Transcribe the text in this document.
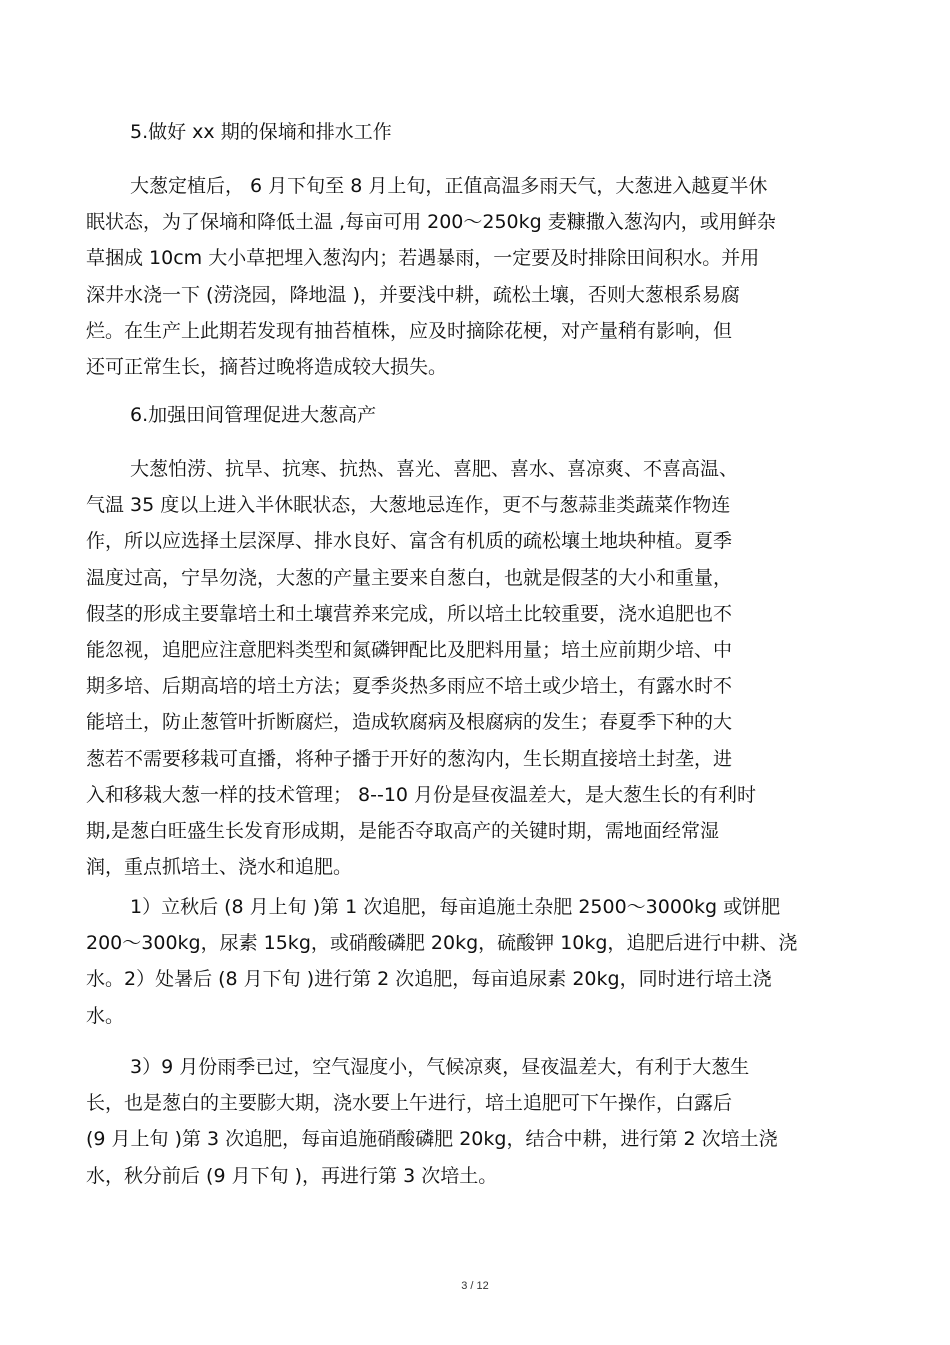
5.做好 xx 期的保墒和排水工作
大葱定植后， 6 月下旬至 8 月上旬，正值高温多雨天气，大葱进入越夏半休
眠状态，为了保墒和降低土温 ,每亩可用 200～250kg 麦糠撒入葱沟内，或用鲜杂
草捆成 10cm 大小草把埋入葱沟内；若遇暴雨，一定要及时排除田间积水。并用
深井水浇一下 (涝浇园，降地温 )，并要浅中耕，疏松土壤，否则大葱根系易腐
烂。在生产上此期若发现有抽苔植株，应及时摘除花梗，对产量稍有影响，但
还可正常生长，摘苔过晚将造成较大损失。
6.加强田间管理促进大葱高产
大葱怕涝、抗旱、抗寒、抗热、喜光、喜肥、喜水、喜凉爽、不喜高温、
气温 35 度以上进入半休眠状态，大葱地忌连作，更不与葱蒜韭类蔬菜作物连
作，所以应选择土层深厚、排水良好、富含有机质的疏松壤土地块种植。夏季
温度过高，宁旱勿浇，大葱的产量主要来自葱白，也就是假茎的大小和重量，
假茎的形成主要靠培土和土壤营养来完成，所以培土比较重要，浇水追肥也不
能忽视，追肥应注意肥料类型和氮磷钾配比及肥料用量；培土应前期少培、中
期多培、后期高培的培土方法；夏季炎热多雨应不培土或少培土，有露水时不
能培土，防止葱管叶折断腐烂，造成软腐病及根腐病的发生；春夏季下种的大
葱若不需要移栽可直播，将种子播于开好的葱沟内，生长期直接培土封垄，进
入和移栽大葱一样的技术管理； 8--10 月份是昼夜温差大，是大葱生长的有利时
期,是葱白旺盛生长发育形成期，是能否夺取高产的关键时期，需地面经常湿
润，重点抓培土、浇水和追肥。
1）立秋后 (8 月上旬 )第 1 次追肥，每亩追施土杂肥 2500～3000kg 或饼肥
200～300kg，尿素 15kg，或硝酸磷肥 20kg，硫酸钾 10kg，追肥后进行中耕、浇
水。2）处暑后 (8 月下旬 )进行第 2 次追肥，每亩追尿素 20kg，同时进行培土浇
水。
3）9 月份雨季已过，空气湿度小，气候凉爽，昼夜温差大，有利于大葱生
长，也是葱白的主要膨大期，浇水要上午进行，培土追肥可下午操作，白露后
(9 月上旬 )第 3 次追肥，每亩追施硝酸磷肥 20kg，结合中耕，进行第 2 次培土浇
水，秋分前后 (9 月下旬 )，再进行第 3 次培土。
3 / 12
